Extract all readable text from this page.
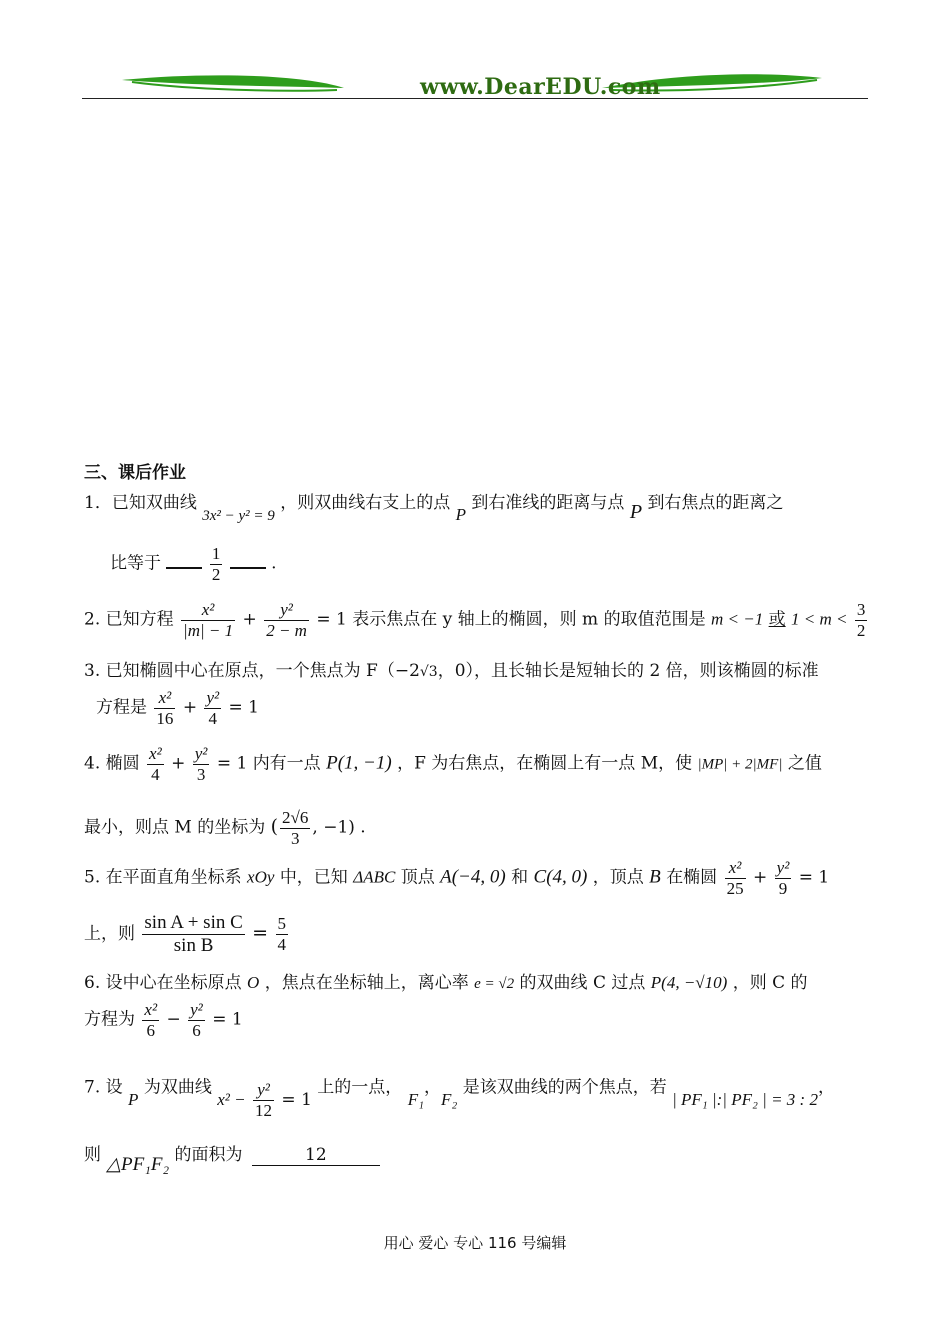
www.DearEDU.com
三、课后作业
1．已知双曲线 3x² − y² = 9 ，则双曲线右支上的点 P 到右准线的距离与点 P 到右焦点的距离之
比等于	$\frac{1}{2}$	.
2. 已知方程 $\frac{\text{x²}}{|m| - 1} + \frac{\text{y²}}{2 - m} = 1$ 表示焦点在 y 轴上的椭圆，则 m 的取值范围是 m < −1 或 $1 < m < \frac{3}{2}$
3. 已知椭圆中心在原点，一个焦点为 F（−2√3，0），且长轴长是短轴长的 2 倍，则该椭圆的标准
方程是 $\frac{\text{x²}}{16} + \frac{\text{y²}}{4} = 1$
4. 椭圆 $\frac{\text{x²}}{4} + \frac{\text{y²}}{3} = 1$ 内有一点 P(1, −1) ，F 为右焦点，在椭圆上有一点 M，使 |MP| + 2|MF| 之值
最小，则点 M 的坐标为 ( $\frac{2√6}{3}$ , −1) .
5. 在平面直角坐标系 xOy 中，已知 ΔABC 顶点 A(−4, 0) 和 C(4, 0) ，顶点 B 在椭圆 $\frac{\text{x²}}{25} + \frac{\text{y²}}{9} = 1$
上，则 $\frac{\text{sin A + sin C}}{\text{sin B}} = \frac{5}{4}$
6. 设中心在坐标原点 O ，焦点在坐标轴上，离心率 e = √2 的双曲线 C 过点 P(4, −√10) ，则 C 的
方程为 $\frac{\text{x²}}{6} - \frac{\text{y²}}{6} = 1$
7. 设 P 为双曲线 $x^2 - \frac{\text{y²}}{12} = 1$ 上的一点， F₁，F₂ 是该双曲线的两个焦点，若 | PF₁ |:| PF₂ | = 3 : 2，
则 △PF₁F₂ 的面积为	12
用心 爱心 专心 116 号编辑
